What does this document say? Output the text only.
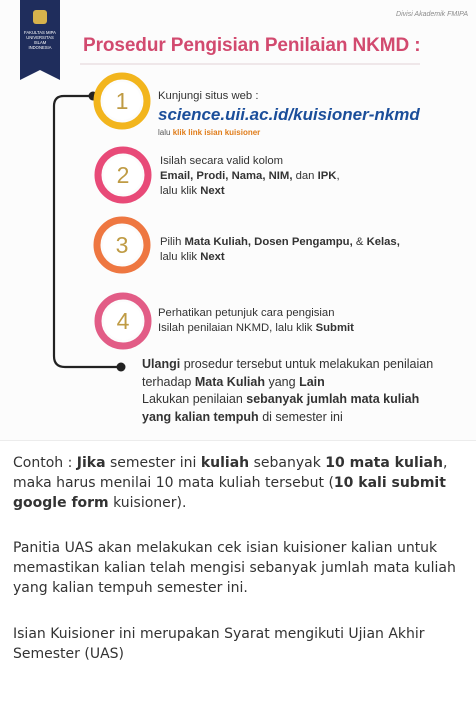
Divisi Akademik FMIPA
FAKULTAS MIPA UNIVERSITAS ISLAM INDONESIA	Prosedur Pengisian Penilaian NKMD :
1
2
3
4
Kunjungi situs web :
science.uii.ac.id/kuisioner-nkmd
lalu klik link isian kuisioner
Isilah secara valid kolom
Email, Prodi, Nama, NIM, dan IPK,
lalu klik Next
Pilih Mata Kuliah, Dosen Pengampu, & Kelas,
lalu klik Next
Perhatikan petunjuk cara pengisian
Isilah penilaian NKMD, lalu klik Submit
Ulangi prosedur tersebut untuk melakukan penilaian
terhadap Mata Kuliah yang Lain
Lakukan penilaian sebanyak jumlah mata kuliah
yang kalian tempuh di semester ini
Contoh : Jika semester ini kuliah sebanyak 10 mata kuliah, maka harus menilai 10 mata kuliah tersebut (10 kali submit google form kuisioner).
Panitia UAS akan melakukan cek isian kuisioner kalian untuk memastikan kalian telah mengisi sebanyak jumlah mata kuliah yang kalian tempuh semester ini.
Isian Kuisioner ini merupakan Syarat mengikuti Ujian Akhir Semester (UAS)
